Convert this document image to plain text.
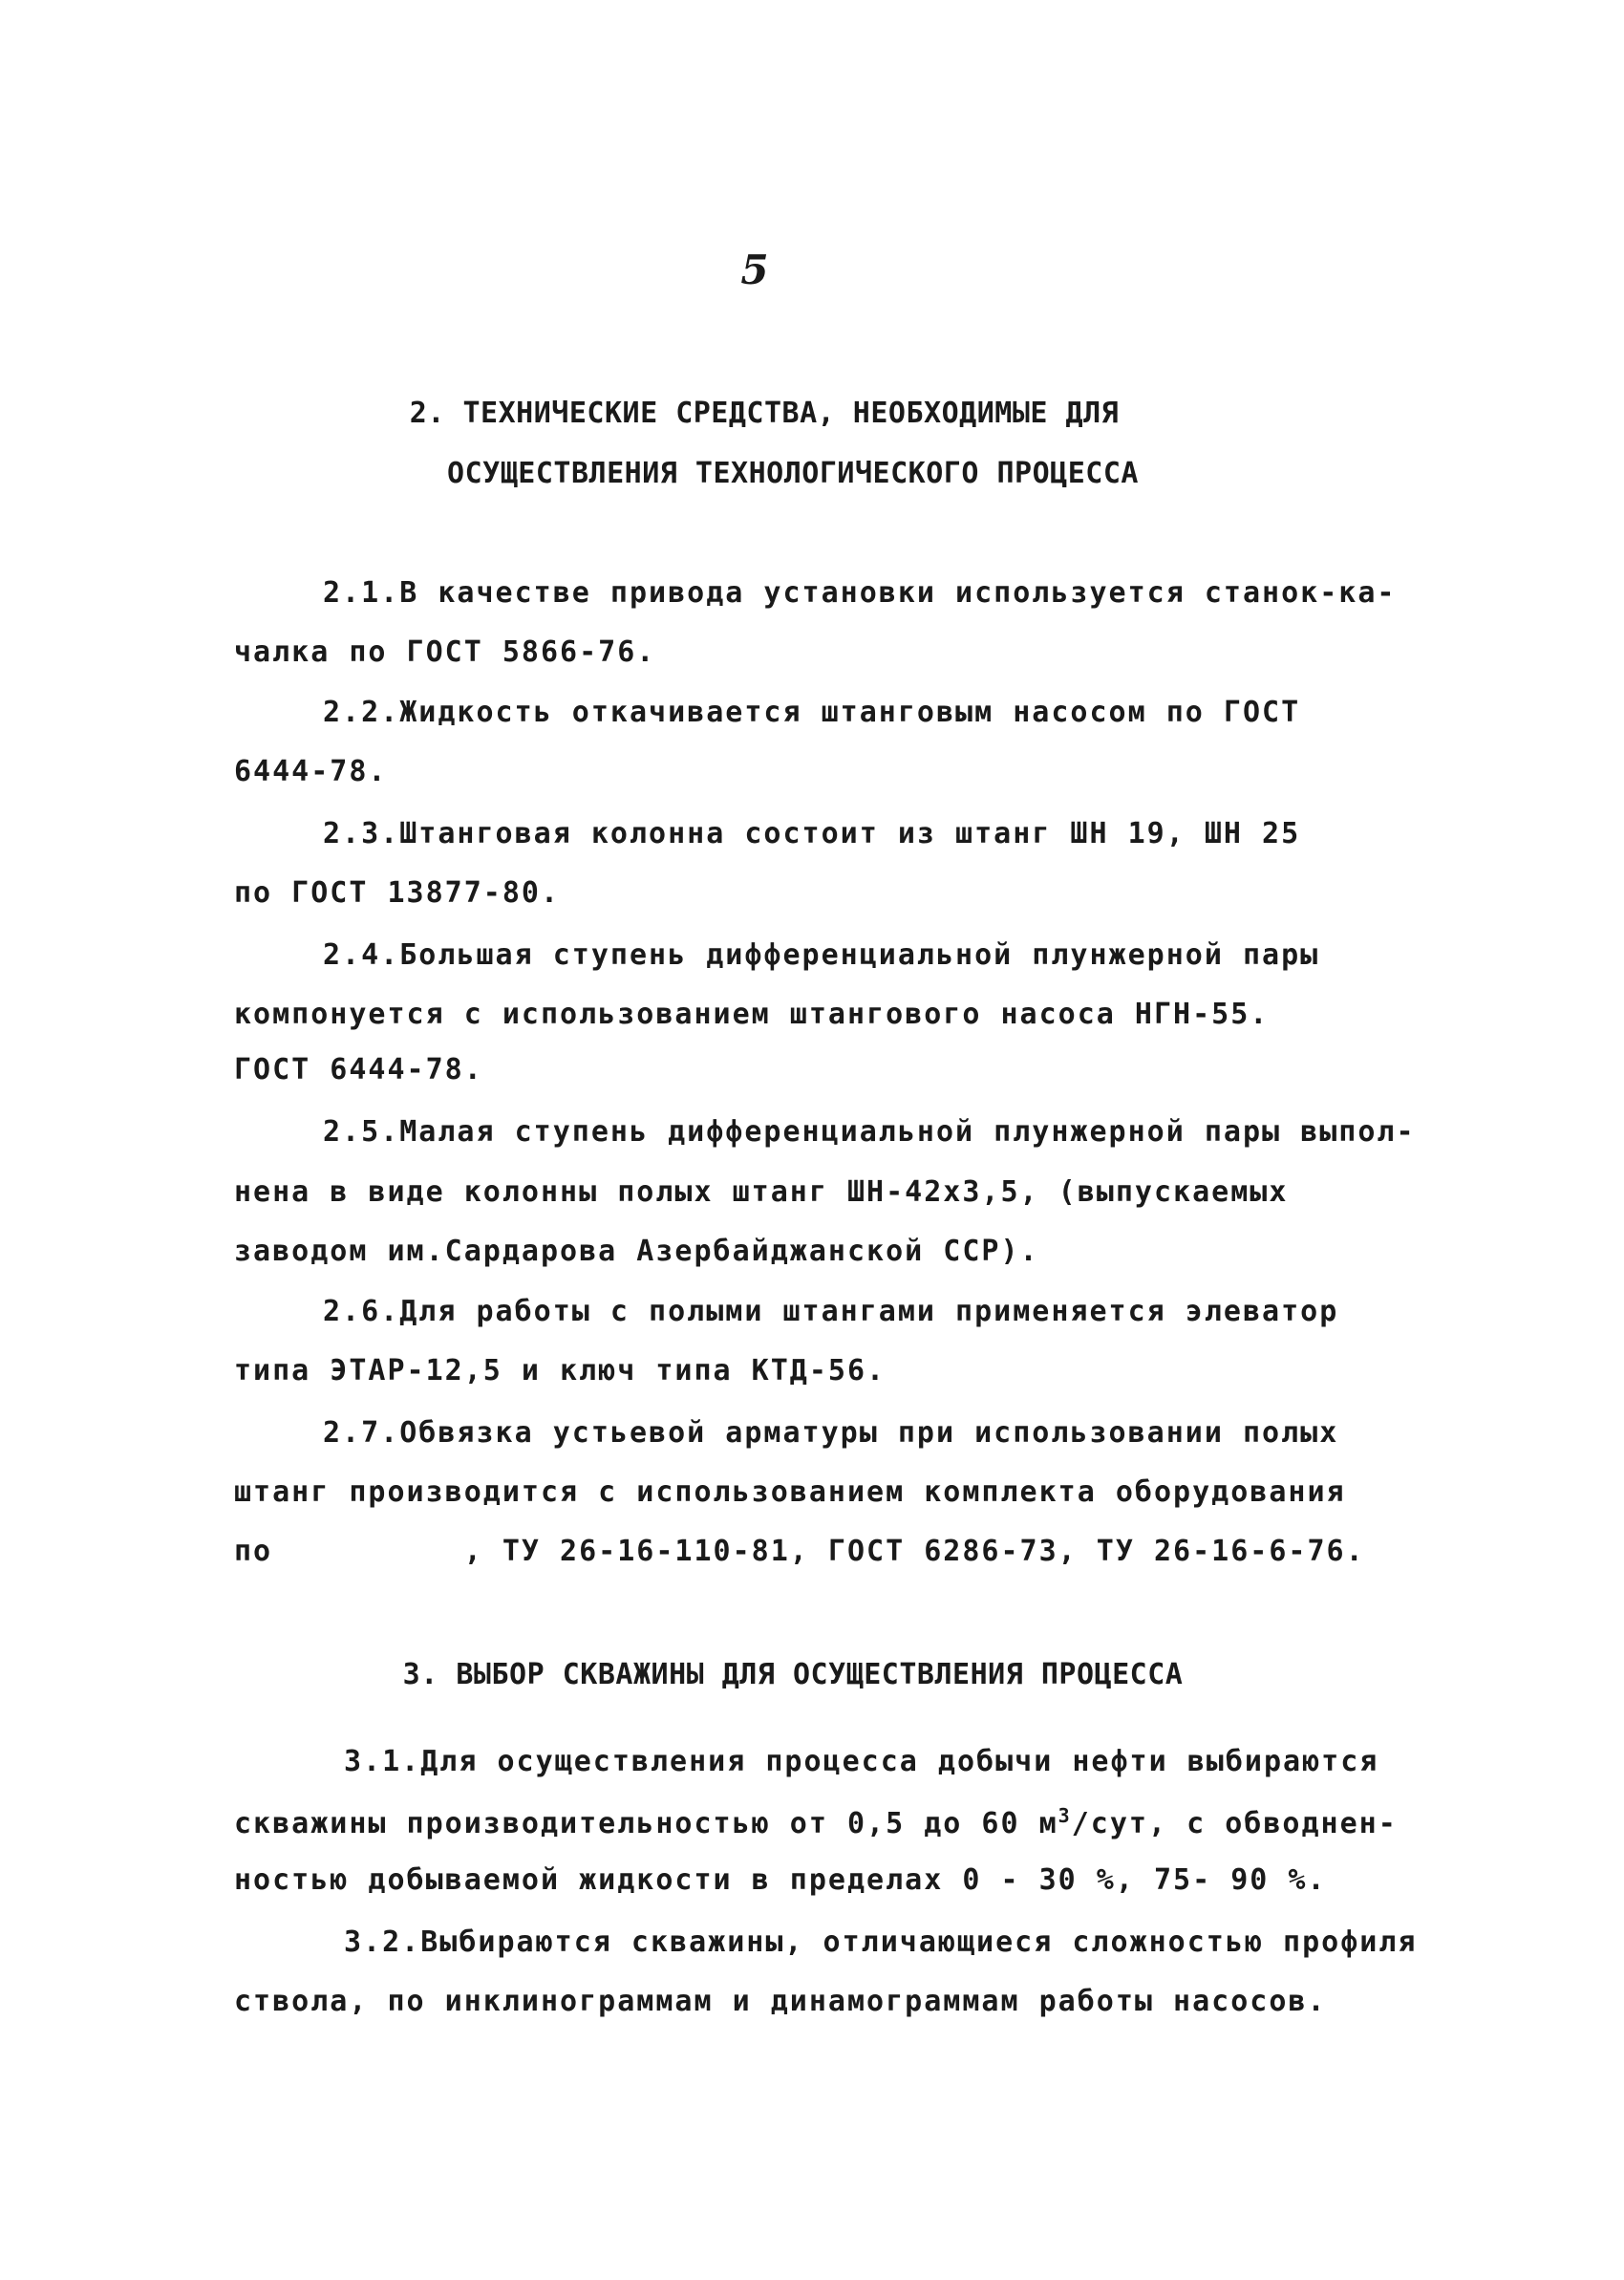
5
2. ТЕХНИЧЕСКИЕ СРЕДСТВА, НЕОБХОДИМЫЕ ДЛЯ
ОСУЩЕСТВЛЕНИЯ ТЕХНОЛОГИЧЕСКОГО ПРОЦЕССА
2.1.В качестве привода установки используется станок-ка-
чалка по ГОСТ 5866-76.
2.2.Жидкость откачивается штанговым насосом по ГОСТ
6444-78.
2.3.Штанговая колонна состоит из штанг ШН 19, ШН 25
по ГОСТ 13877-80.
2.4.Большая ступень дифференциальной плунжерной пары
компонуется с использованием штангового насоса НГН-55.
ГОСТ 6444-78.
2.5.Малая ступень дифференциальной плунжерной пары выпол-
нена в виде колонны полых штанг ШН-42х3,5, (выпускаемых
заводом им.Сардарова Азербайджанской ССР).
2.6.Для работы с полыми штангами применяется элеватор
типа ЭТАР-12,5 и ключ типа КТД-56.
2.7.Обвязка устьевой арматуры при использовании полых
штанг производится с использованием комплекта оборудования
по          , ТУ 26-16-110-81, ГОСТ 6286-73, ТУ 26-16-6-76.
3. ВЫБОР СКВАЖИНЫ ДЛЯ ОСУЩЕСТВЛЕНИЯ ПРОЦЕССА
3.1.Для осуществления процесса добычи нефти выбираются
скважины производительностью от 0,5 до 60 $м^3$/сут, с обводнен-
ностью добываемой жидкости в пределах 0 - 30 %, 75- 90 %.
3.2.Выбираются скважины, отличающиеся сложностью профиля
ствола, по инклинограммам и динамограммам работы насосов.
